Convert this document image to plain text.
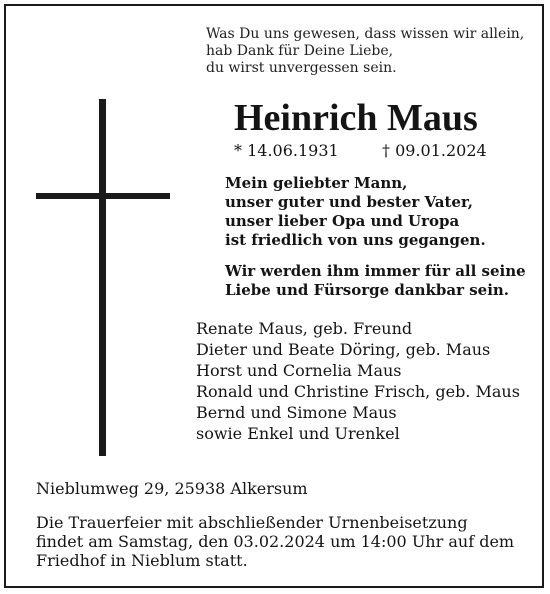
Was Du uns gewesen, dass wissen wir allein,
hab Dank für Deine Liebe,
du wirst unvergessen sein.
Heinrich Maus
* 14.06.1931	† 09.01.2024
Mein geliebter Mann,
unser guter und bester Vater,
unser lieber Opa und Uropa
ist friedlich von uns gegangen.
Wir werden ihm immer für all seine
Liebe und Fürsorge dankbar sein.
Renate Maus, geb. Freund
Dieter und Beate Döring, geb. Maus
Horst und Cornelia Maus
Ronald und Christine Frisch, geb. Maus
Bernd und Simone Maus
sowie Enkel und Urenkel
Nieblumweg 29, 25938 Alkersum
Die Trauerfeier mit abschließender Urnenbeisetzung
findet am Samstag, den 03.02.2024 um 14:00 Uhr auf dem
Friedhof in Nieblum statt.
